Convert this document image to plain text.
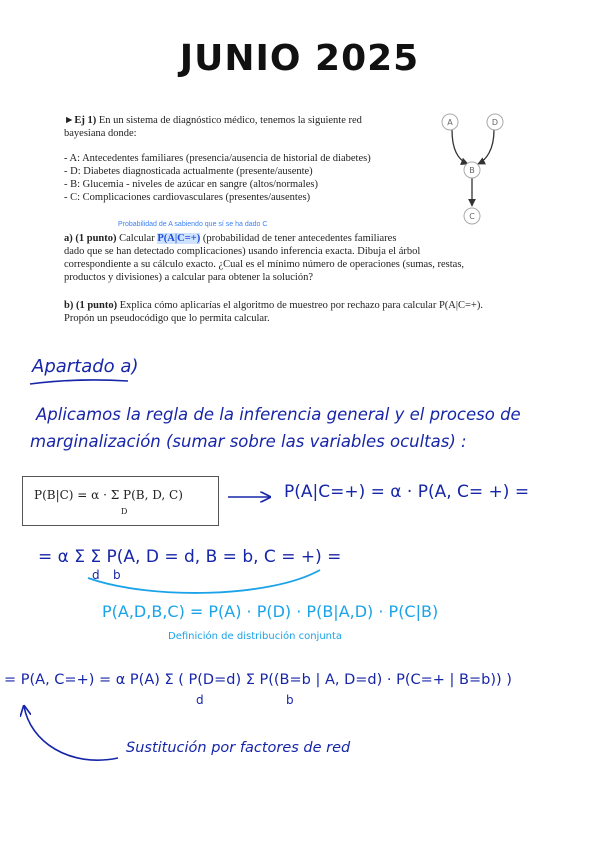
JUNIO 2025
►Ej 1) En un sistema de diagnóstico médico, tenemos la siguiente red
bayesiana donde:
- A: Antecedentes familiares (presencia/ausencia de historial de diabetes)
- D: Diabetes diagnosticada actualmente (presente/ausente)
- B: Glucemia - niveles de azúcar en sangre (altos/normales)
- C: Complicaciones cardiovasculares (presentes/ausentes)
Probabilidad de A sabiendo que sí se ha dado C
a) (1 punto) Calcular P(A|C=+) (probabilidad de tener antecedentes familiares
dado que se han detectado complicaciones) usando inferencia exacta. Dibuja el árbol
correspondiente a su cálculo exacto. ¿Cual es el mínimo número de operaciones (sumas, restas,
productos y divisiones) a calcular para obtener la solución?
b) (1 punto) Explica cómo aplicarías el algoritmo de muestreo por rechazo para calcular P(A|C=+).
Propón un pseudocódigo que lo permita calcular.
A	D
B
C
Apartado a)
Aplicamos la regla de la inferencia general y el proceso de
marginalización (sumar sobre las variables ocultas) :
P(B|C) = α · Σ P(B, D, C)
D
P(A|C=+) = α · P(A, C= +) =
= α Σ Σ P(A, D = d, B = b, C = +) =
d b
P(A,D,B,C) = P(A) · P(D) · P(B|A,D) · P(C|B)
Definición de distribución conjunta
= P(A, C=+) = α P(A) Σ ( P(D=d) Σ P((B=b | A, D=d) · P(C=+ | B=b)) )
d	b
Sustitución por factores de red
